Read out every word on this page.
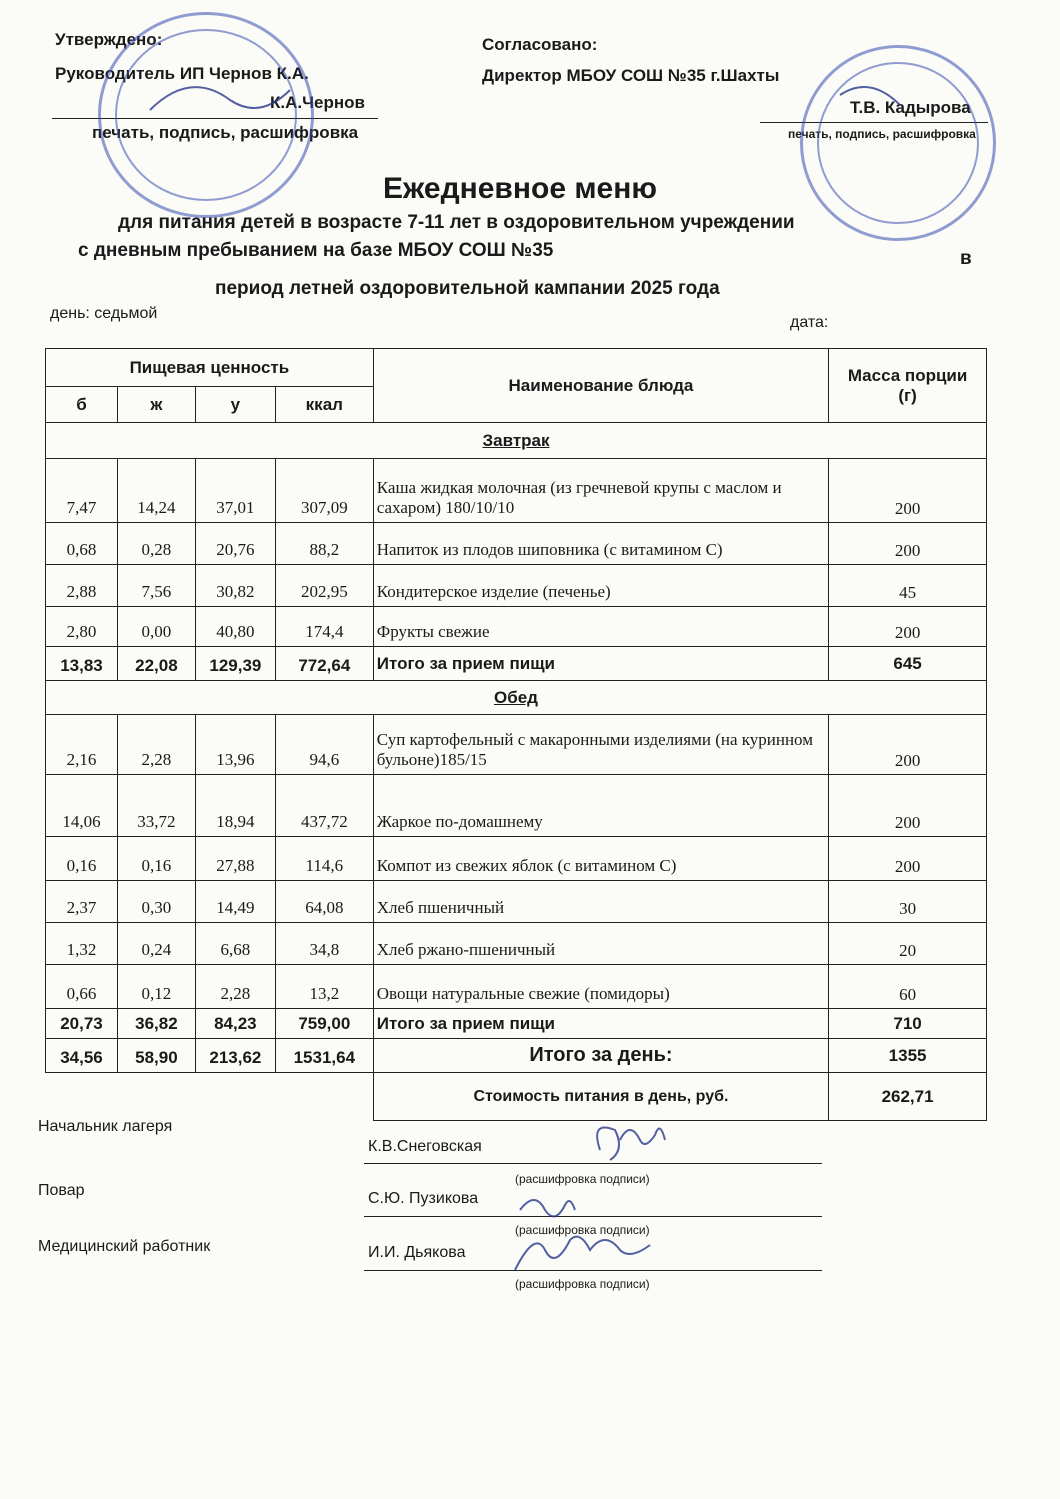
Утверждено:
Руководитель ИП Чернов К.А.
К.А.Чернов
печать, подпись, расшифровка
Согласовано:
Директор МБОУ СОШ №35 г.Шахты
Т.В. Кадырова
печать, подпись, расшифровка
Ежедневное меню
для питания детей в возрасте 7-11 лет в оздоровительном учреждении
с дневным пребыванием на базе МБОУ СОШ №35	в
период летней оздоровительной кампании 2025 года
день: седьмой
дата:
Пищевая ценность				Наименование блюда	Масса порции
(г)

б	ж	у	ккал		
Завтрак					
7,47	14,24	37,01	307,09	Каша жидкая молочная (из гречневой крупы с маслом и сахаром) 180/10/10	200
0,68	0,28	20,76	88,2	Напиток из плодов шиповника (с витамином С)	200
2,88	7,56	30,82	202,95	Кондитерское изделие (печенье)	45
2,80	0,00	40,80	174,4	Фрукты свежие	200
13,83	22,08	129,39	772,64	Итого за прием пищи	645
Обед					
2,16	2,28	13,96	94,6	Суп картофельный с макаронными изделиями (на куринном бульоне)185/15	200
14,06	33,72	18,94	437,72	Жаркое по-домашнему	200
0,16	0,16	27,88	114,6	Компот из свежих яблок (с витамином С)	200
2,37	0,30	14,49	64,08	Хлеб пшеничный	30
1,32	0,24	6,68	34,8	Хлеб ржано-пшеничный	20
0,66	0,12	2,28	13,2	Овощи натуральные свежие (помидоры)	60
20,73	36,82	84,23	759,00	Итого за прием пищи	710
34,56	58,90	213,62	1531,64	Итого за день:	1355
				Стоимость питания в день, руб.	262,71
Начальник лагеря
К.В.Снеговская
(расшифровка подписи)
Повар	С.Ю. Пузикова
(расшифровка подписи)
Медицинский работник	И.И. Дьякова
(расшифровка подписи)
